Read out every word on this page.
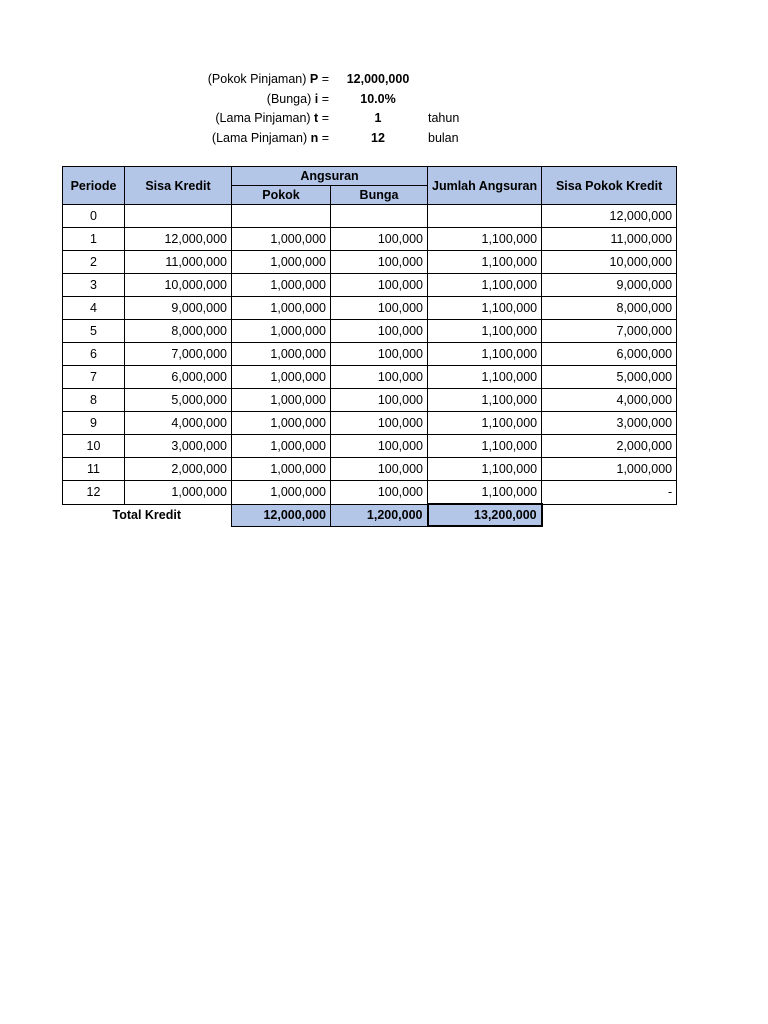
(Pokok Pinjaman) P =	12,000,000
(Bunga) i =	10.0%
(Lama Pinjaman) t =	1	tahun
(Lama Pinjaman) n =	12	bulan
Periode	Sisa Kredit	Angsuran		Jumlah Angsuran	Sisa Pokok Kredit
		Pokok	Bunga		
0					12,000,000
1	12,000,000	1,000,000	100,000	1,100,000	11,000,000
2	11,000,000	1,000,000	100,000	1,100,000	10,000,000
3	10,000,000	1,000,000	100,000	1,100,000	9,000,000
4	9,000,000	1,000,000	100,000	1,100,000	8,000,000
5	8,000,000	1,000,000	100,000	1,100,000	7,000,000
6	7,000,000	1,000,000	100,000	1,100,000	6,000,000
7	6,000,000	1,000,000	100,000	1,100,000	5,000,000
8	5,000,000	1,000,000	100,000	1,100,000	4,000,000
9	4,000,000	1,000,000	100,000	1,100,000	3,000,000
10	3,000,000	1,000,000	100,000	1,100,000	2,000,000
11	2,000,000	1,000,000	100,000	1,100,000	1,000,000
12	1,000,000	1,000,000	100,000	1,100,000	-
Total Kredit		12,000,000	1,200,000	13,200,000	
